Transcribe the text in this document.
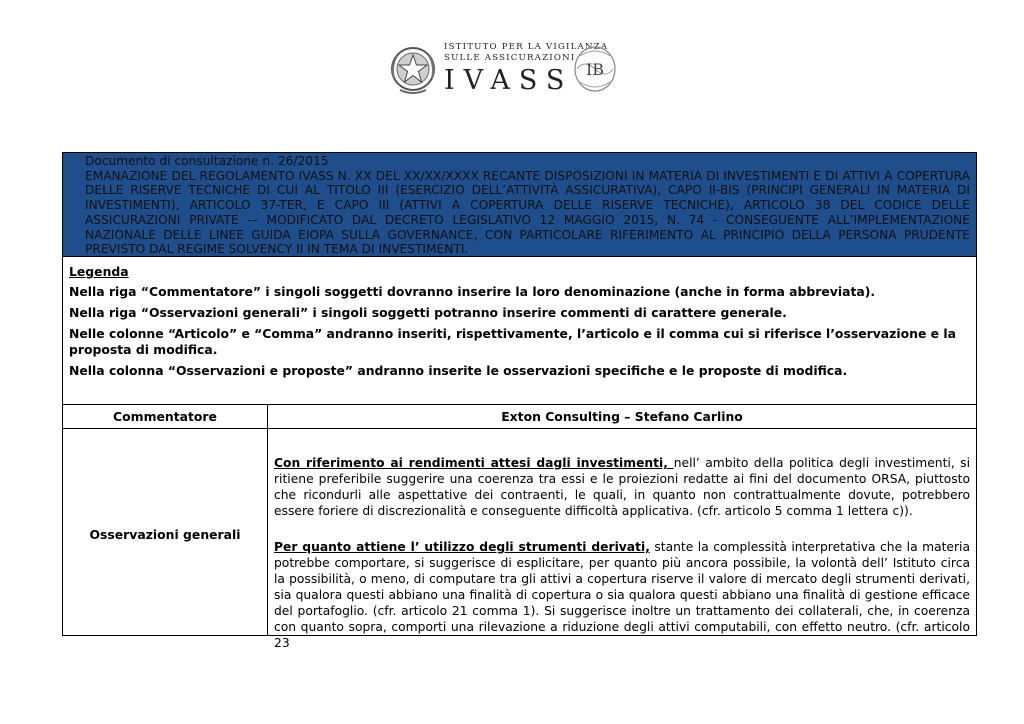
ISTITUTO PER LA VIGILANZA
SULLE ASSICURAZIONI
IVASS IB
Documento di consultazione n. 26/2015
EMANAZIONE DEL REGOLAMENTO IVASS N. XX DEL XX/XX/XXXX RECANTE DISPOSIZIONI IN MATERIA DI INVESTIMENTI E DI ATTIVI A COPERTURA DELLE RISERVE TECNICHE DI CUI AL TITOLO III (ESERCIZIO DELL’ATTIVITÀ ASSICURATIVA), CAPO II-BIS (PRINCIPI GENERALI IN MATERIA DI INVESTIMENTI), ARTICOLO 37-TER, E CAPO III (ATTIVI A COPERTURA DELLE RISERVE TECNICHE), ARTICOLO 38 DEL CODICE DELLE ASSICURAZIONI PRIVATE -– MODIFICATO DAL DECRETO LEGISLATIVO 12 MAGGIO 2015, N. 74 - CONSEGUENTE ALL’IMPLEMENTAZIONE NAZIONALE DELLE LINEE GUIDA EIOPA SULLA GOVERNANCE, CON PARTICOLARE RIFERIMENTO AL PRINCIPIO DELLA PERSONA PRUDENTE PREVISTO DAL REGIME SOLVENCY II IN TEMA DI INVESTIMENTI.

Legenda

Nella riga “Commentatore” i singoli soggetti dovranno inserire la loro denominazione (anche in forma abbreviata).

Nella riga “Osservazioni generali” i singoli soggetti potranno inserire commenti di carattere generale.

Nelle colonne “Articolo” e “Comma” andranno inseriti, rispettivamente, l’articolo e il comma cui si riferisce l’osservazione e la proposta di modifica.

Nella colonna “Osservazioni e proposte” andranno inserite le osservazioni specifiche e le proposte di modifica.

Commentatore	Exton Consulting – Stefano Carlino
Osservazioni generali

Con riferimento ai rendimenti attesi dagli investimenti, nell’ ambito della politica degli investimenti, si ritiene preferibile suggerire una coerenza tra essi e le proiezioni redatte ai fini del documento ORSA, piuttosto che ricondurli alle aspettative dei contraenti, le quali, in quanto non contrattualmente dovute, potrebbero essere foriere di discrezionalità e conseguente difficoltà applicativa. (cfr. articolo 5 comma 1 lettera c)).

Per quanto attiene l’ utilizzo degli strumenti derivati, stante la complessità interpretativa che la materia potrebbe comportare, si suggerisce di esplicitare, per quanto più ancora possibile, la volontà dell’ Istituto circa la possibilità, o meno, di computare tra gli attivi a copertura riserve il valore di mercato degli strumenti derivati, sia qualora questi abbiano una finalità di copertura o sia qualora questi abbiano una finalità di gestione efficace del portafoglio. (cfr. articolo 21 comma 1). Si suggerisce inoltre un trattamento dei collaterali, che, in coerenza con quanto sopra, comporti una rilevazione a riduzione degli attivi computabili, con effetto neutro. (cfr. articolo 23
